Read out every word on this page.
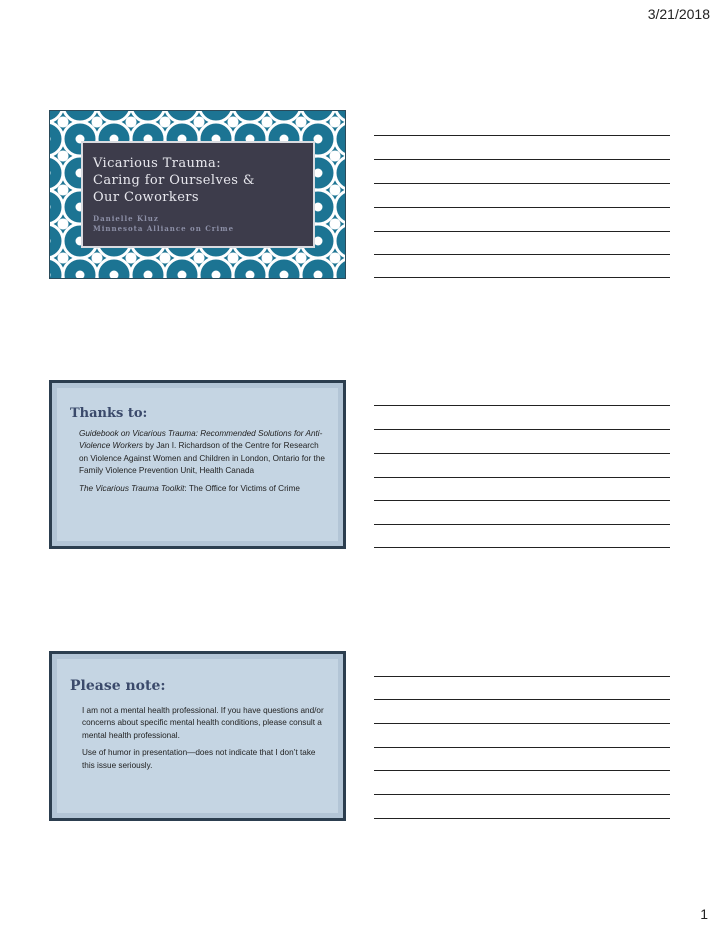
3/21/2018
Vicarious Trauma:
Caring for Ourselves &
Our Coworkers
Danielle Kluz
Minnesota Alliance on Crime
Thanks to:

Guidebook on Vicarious Trauma: Recommended Solutions for Anti-Violence Workers by Jan I. Richardson of the Centre for Research on Violence Against Women and Children in London, Ontario for the Family Violence Prevention Unit, Health Canada

The Vicarious Trauma Toolkit: The Office for Victims of Crime

Please note:

I am not a mental health professional. If you have questions and/or concerns about specific mental health conditions, please consult a mental health professional.

Use of humor in presentation—does not indicate that I don’t take this issue seriously.

1
